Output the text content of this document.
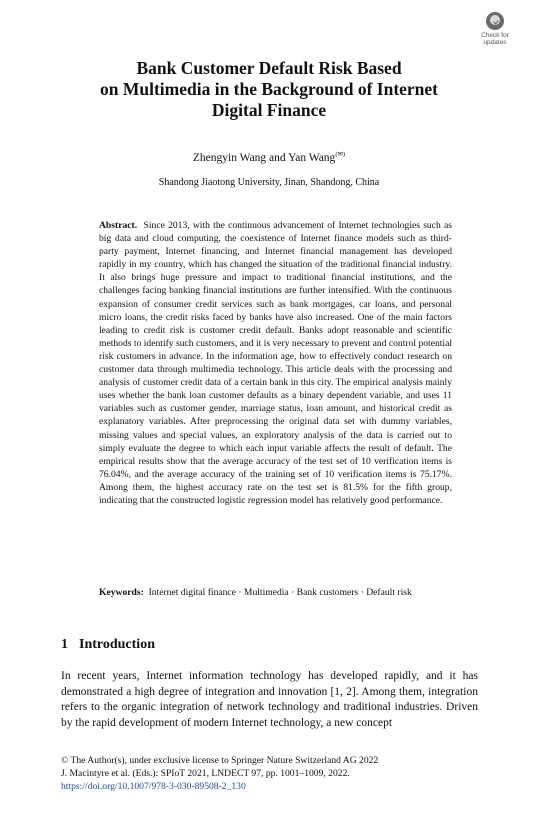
Check for
updates
Bank Customer Default Risk Based
on Multimedia in the Background of Internet
Digital Finance
Zhengyin Wang and Yan Wang(✉)
Shandong Jiaotong University, Jinan, Shandong, China

Abstract. Since 2013, with the continuous advancement of Internet technologies such as big data and cloud computing, the coexistence of Internet finance models such as third-party payment, Internet financing, and Internet financial management has developed rapidly in my country, which has changed the situation of the traditional financial industry. It also brings huge pressure and impact to traditional financial institutions, and the challenges facing banking financial institutions are further intensified. With the continuous expansion of consumer credit services such as bank mortgages, car loans, and personal micro loans, the credit risks faced by banks have also increased. One of the main factors leading to credit risk is customer credit default. Banks adopt reasonable and scientific methods to identify such customers, and it is very necessary to prevent and control potential risk customers in advance. In the information age, how to effectively conduct research on customer data through multimedia technology. This article deals with the processing and analysis of customer credit data of a certain bank in this city. The empirical analysis mainly uses whether the bank loan customer defaults as a binary dependent variable, and uses 11 variables such as customer gender, marriage status, loan amount, and historical credit as explanatory variables. After preprocessing the original data set with dummy variables, missing values and special values, an exploratory analysis of the data is carried out to simply evaluate the degree to which each input variable affects the result of default. The empirical results show that the average accuracy of the test set of 10 verification items is 76.04%, and the average accuracy of the training set of 10 verification items is 75.17%. Among them, the highest accuracy rate on the test set is 81.5% for the fifth group, indicating that the constructed logistic regression model has relatively good performance.

Keywords: Internet digital finance · Multimedia · Bank customers · Default risk

1 Introduction

In recent years, Internet information technology has developed rapidly, and it has demonstrated a high degree of integration and innovation [1, 2]. Among them, integration refers to the organic integration of network technology and traditional industries. Driven by the rapid development of modern Internet technology, a new concept

© The Author(s), under exclusive license to Springer Nature Switzerland AG 2022
J. Macintyre et al. (Eds.): SPIoT 2021, LNDECT 97, pp. 1001–1009, 2022.
https://doi.org/10.1007/978-3-030-89508-2_130
